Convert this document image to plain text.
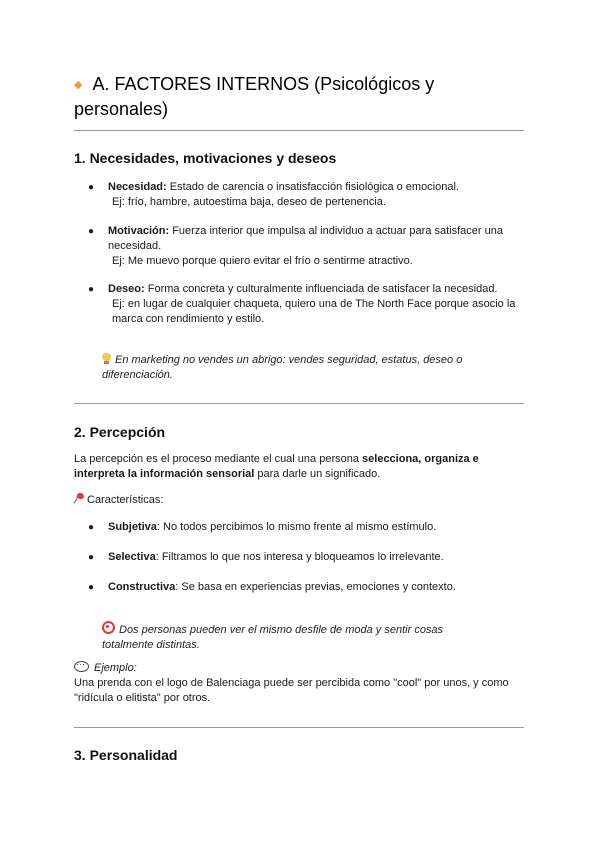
◆ A. FACTORES INTERNOS (Psicológicos y personales)
1. Necesidades, motivaciones y deseos
● Necesidad: Estado de carencia o insatisfacción fisiológica o emocional.
Ej: frío, hambre, autoestima baja, deseo de pertenencia.
● Motivación: Fuerza interior que impulsa al individuo a actuar para satisfacer una necesidad.
Ej: Me muevo porque quiero evitar el frío o sentirme atractivo.
● Deseo: Forma concreta y culturalmente influenciada de satisfacer la necesidad.
Ej: en lugar de cualquier chaqueta, quiero una de The North Face porque asocio la marca con rendimiento y estilo.
En marketing no vendes un abrigo: vendes seguridad, estatus, deseo o diferenciación.
2. Percepción
La percepción es el proceso mediante el cual una persona selecciona, organiza e interpreta la información sensorial para darle un significado.
Características:
● Subjetiva: No todos percibimos lo mismo frente al mismo estímulo.
● Selectiva: Filtramos lo que nos interesa y bloqueamos lo irrelevante.
● Constructiva: Se basa en experiencias previas, emociones y contexto.
Dos personas pueden ver el mismo desfile de moda y sentir cosas totalmente distintas.
···Ejemplo:
Una prenda con el logo de Balenciaga puede ser percibida como "cool" por unos, y como "ridícula o elitista" por otros.
3. Personalidad
